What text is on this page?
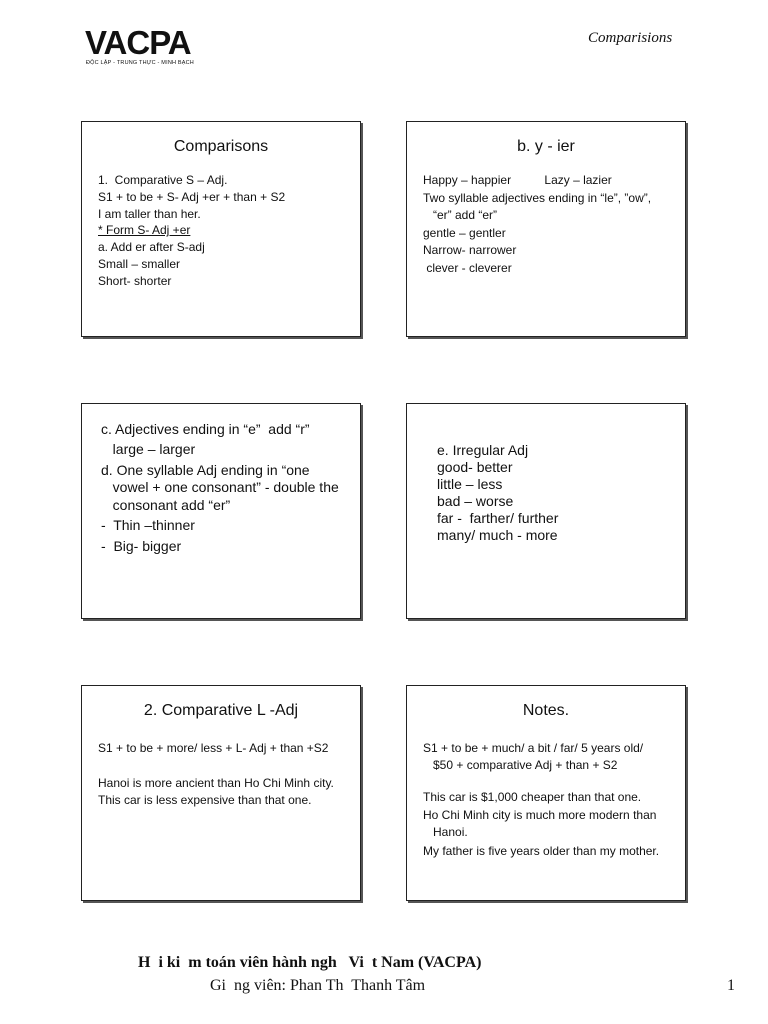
VACPA
ĐỘC LẬP - TRUNG THỰC - MINH BẠCH
Comparisions
Comparisons
1.  Comparative S – Adj.
S1 + to be + S- Adj +er + than + S2
I am taller than her.
* Form S- Adj +er
a. Add er after S-adj
Small – smaller
Short- shorter
b. y - ier
Happy – happier          Lazy – lazier
Two syllable adjectives ending in “le”, ”ow”,
“er” add “er”
gentle – gentler
Narrow- narrower
clever - cleverer
c. Adjectives ending in “e”  add “r”
large – larger
d. One syllable Adj ending in “one
vowel + one consonant” - double the
consonant add “er”
-  Thin –thinner
-  Big- bigger
e. Irregular Adj
good- better
little – less
bad – worse
far -  farther/ further
many/ much - more
2. Comparative L -Adj
S1 + to be + more/ less + L- Adj + than +S2
Hanoi is more ancient than Ho Chi Minh city.
This car is less expensive than that one.
Notes.
S1 + to be + much/ a bit / far/ 5 years old/
$50 + comparative Adj + than + S2
This car is $1,000 cheaper than that one.
Ho Chi Minh city is much more modern than
Hanoi.
My father is five years older than my mother.
H  i ki  m toán viên hành ngh   Vi  t Nam (VACPA)
Gi  ng viên: Phan Th  Thanh Tâm	1
